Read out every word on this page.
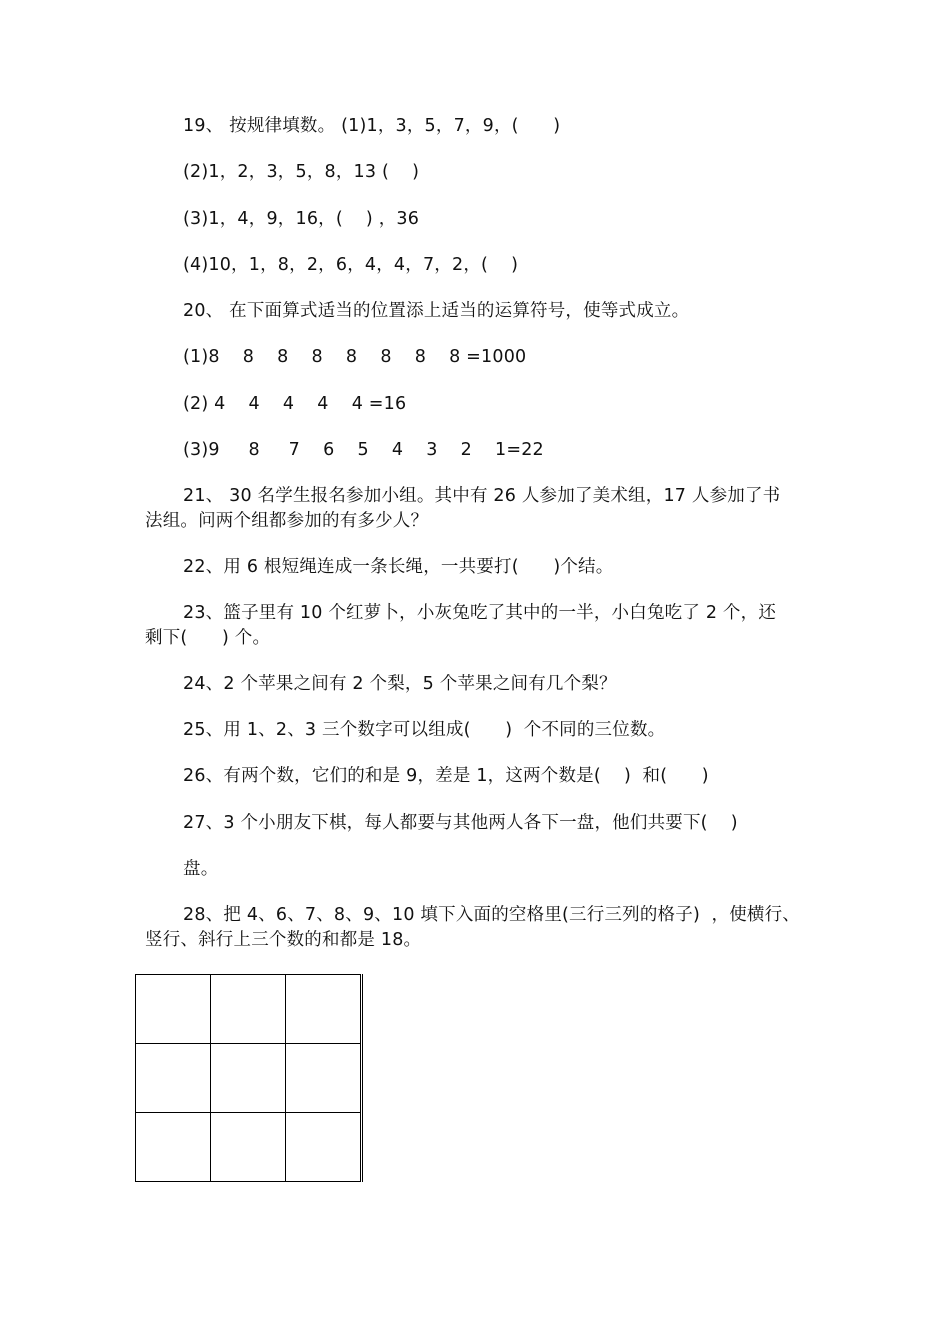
19、 按规律填数。 (1)1，3，5，7，9，(      )
(2)1，2，3，5，8，13 (    )
(3)1，4，9，16，(    ) ，36
(4)10，1，8，2，6，4，4，7，2，(    )
20、 在下面算式适当的位置添上适当的运算符号，使等式成立。
(1)8    8    8    8    8    8    8    8 =1000
(2) 4    4    4    4    4 =16
(3)9     8     7    6    5    4    3    2    1=22
21、 30 名学生报名参加小组。其中有 26 人参加了美术组，17 人参加了书
法组。问两个组都参加的有多少人？
22、用 6 根短绳连成一条长绳，一共要打(      )个结。
23、篮子里有 10 个红萝卜，小灰兔吃了其中的一半，小白兔吃了 2 个，还
剩下(      ) 个。
24、2 个苹果之间有 2 个梨，5 个苹果之间有几个梨？
25、用 1、2、3 三个数字可以组成(      )  个不同的三位数。
26、有两个数，它们的和是 9，差是 1，这两个数是(    )  和(      )
27、3 个小朋友下棋，每人都要与其他两人各下一盘，他们共要下(    )
盘。
28、把 4、6、7、8、9、10 填下入面的空格里(三行三列的格子)  ，使横行、
竖行、斜行上三个数的和都是 18。
